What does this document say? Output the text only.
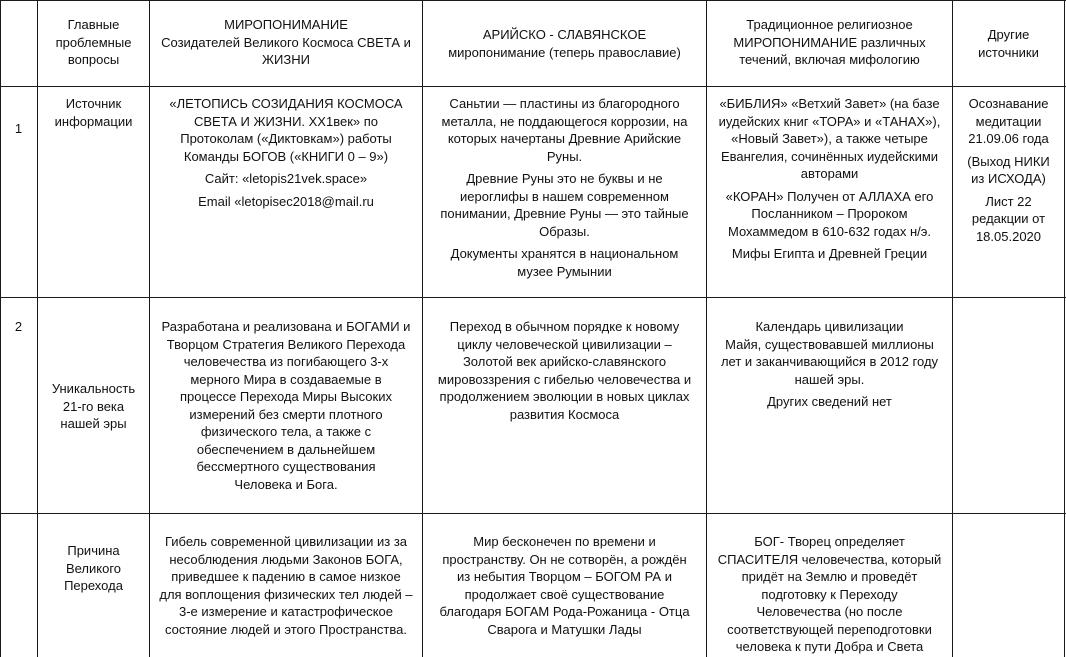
Главные
проблемные
вопросы
МИРОПОНИМАНИЕ
Созидателей Великого Космоса СВЕТА и
ЖИЗНИ
АРИЙСКО - СЛАВЯНСКОЕ
миропонимание (теперь православие)
Традиционное религиозное
МИРОПОНИМАНИЕ различных
течений, включая мифологию
Другие
источники
1
Источник
информации
«ЛЕТОПИСЬ СОЗИДАНИЯ КОСМОСА
СВЕТА И ЖИЗНИ. XX1век» по
Протоколам («Диктовкам») работы
Команды БОГОВ («КНИГИ 0 – 9»)
Сайт: «letopis21vek.space»
Email «letopisec2018@mail.ru
Саньтии — пластины из благородного
металла, не поддающегося коррозии, на
которых начертаны Древние Арийские
Руны.
Древние Руны это не буквы и не
иероглифы в нашем современном
понимании, Древние Руны — это тайные
Образы.
Документы хранятся в национальном
музее Румынии
«БИБЛИЯ» «Ветхий Завет» (на базе
иудейских книг «ТОРА» и «ТАНАХ»),
«Новый Завет»), а также четыре
Евангелия, сочинённых иудейскими
авторами
«КОРАН» Получен от АЛЛАХА его
Посланником – Пророком
Мохаммедом в 610-632 годах н/э.
Мифы Египта и Древней Греции
Осознавание
медитации
21.09.06 года
(Выход НИКИ
из ИСХОДА)
Лист 22
редакции от
18.05.2020
2
Уникальность
21-го века
нашей эры
Разработана и реализована и БОГАМИ и
Творцом Стратегия Великого Перехода
человечества из погибающего 3-х
мерного Мира в создаваемые в
процессе Перехода Миры Высоких
измерений без смерти плотного
физического тела, а также с
обеспечением в дальнейшем
бессмертного существования
Человека и Бога.
Переход в обычном порядке к новому
циклу человеческой цивилизации –
Золотой век арийско-славянского
мировоззрения с гибелью человечества и
продолжением эволюции в новых циклах
развития Космоса
Календарь цивилизации
Майя, существовавшей миллионы
лет и заканчивающийся в 2012 году
нашей эры.
Других сведений нет
Причина
Великого
Перехода
Гибель современной цивилизации из за
несоблюдения людьми Законов БОГА,
приведшее к падению в самое низкое
для воплощения физических тел людей –
3-е измерение и катастрофическое
состояние людей и этого Пространства.
Мир бесконечен по времени и
пространству. Он не сотворён, а рождён
из небытия Творцом – БОГОМ РА и
продолжает своё существование
благодаря БОГАМ Рода-Рожаница - Отца
Сварога и Матушки Лады
БОГ- Творец определяет
СПАСИТЕЛЯ человечества, который
придёт на Землю и проведёт
подготовку к Переходу
Человечества (но после
соответствующей переподготовки
человека к пути Добра и Света
